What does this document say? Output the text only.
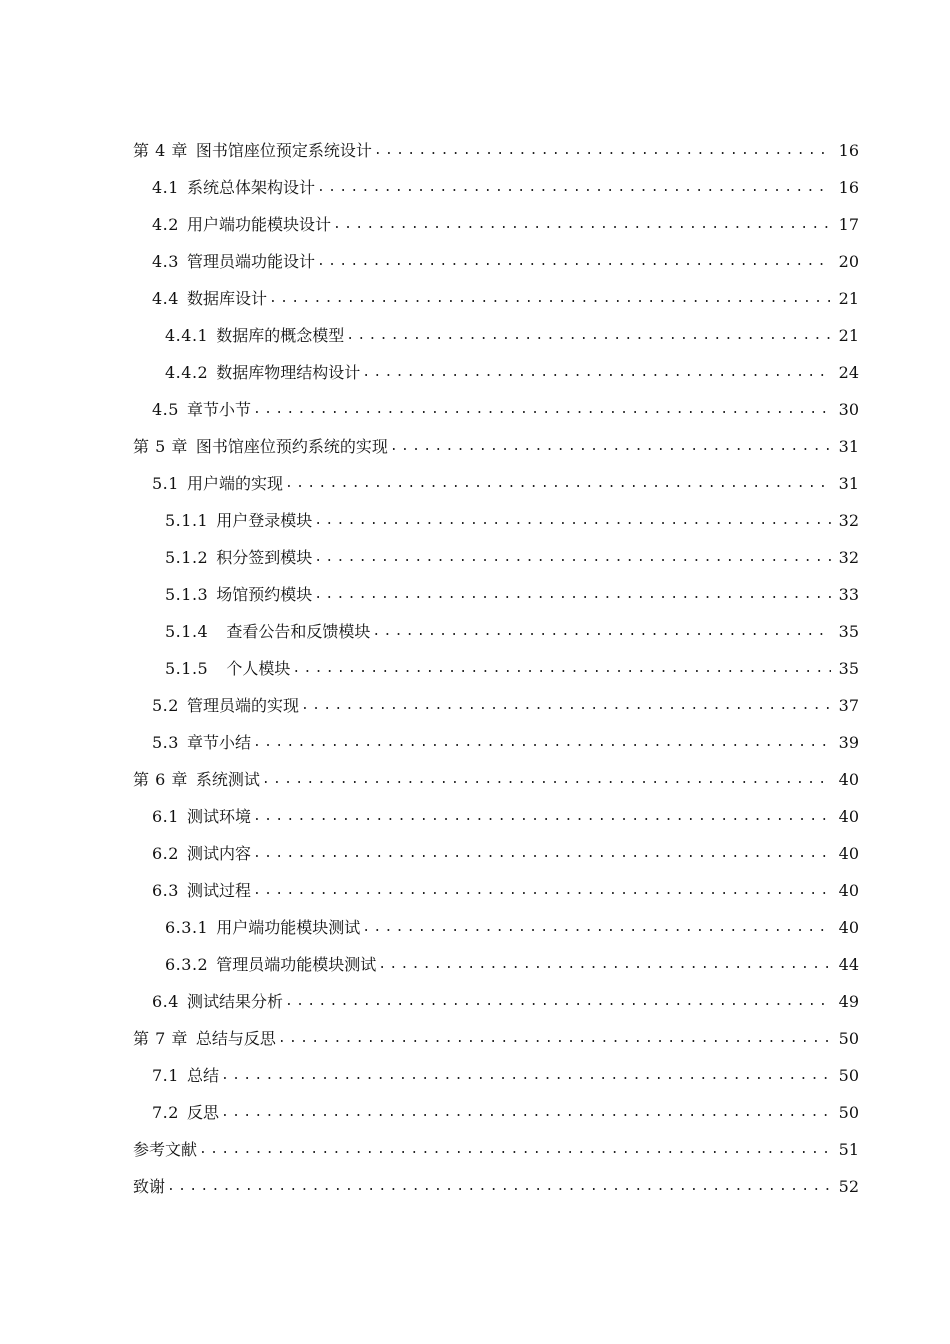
第 4 章 图书馆座位预定系统设计 .....	16
4.1 系统总体架构设计 .....	16
4.2 用户端功能模块设计 .....	17
4.3 管理员端功能设计 .....	20
4.4 数据库设计 .....	21
4.4.1 数据库的概念模型 .....	21
4.4.2 数据库物理结构设计 .....	24
4.5 章节小节 .....	30
第 5 章 图书馆座位预约系统的实现 .....	31
5.1 用户端的实现 .....	31
5.1.1 用户登录模块 .....	32
5.1.2 积分签到模块 .....	32
5.1.3 场馆预约模块 .....	33
5.1.4 查看公告和反馈模块 .....	35
5.1.5 个人模块 .....	35
5.2 管理员端的实现 .....	37
5.3 章节小结 .....	39
第 6 章 系统测试 .....	40
6.1 测试环境 .....	40
6.2 测试内容 .....	40
6.3 测试过程 .....	40
6.3.1 用户端功能模块测试 .....	40
6.3.2 管理员端功能模块测试 .....	44
6.4 测试结果分析 .....	49
第 7 章 总结与反思 .....	50
7.1 总结 .....	50
7.2 反思 .....	50
参考文献 .....	51
致谢 .....	52
